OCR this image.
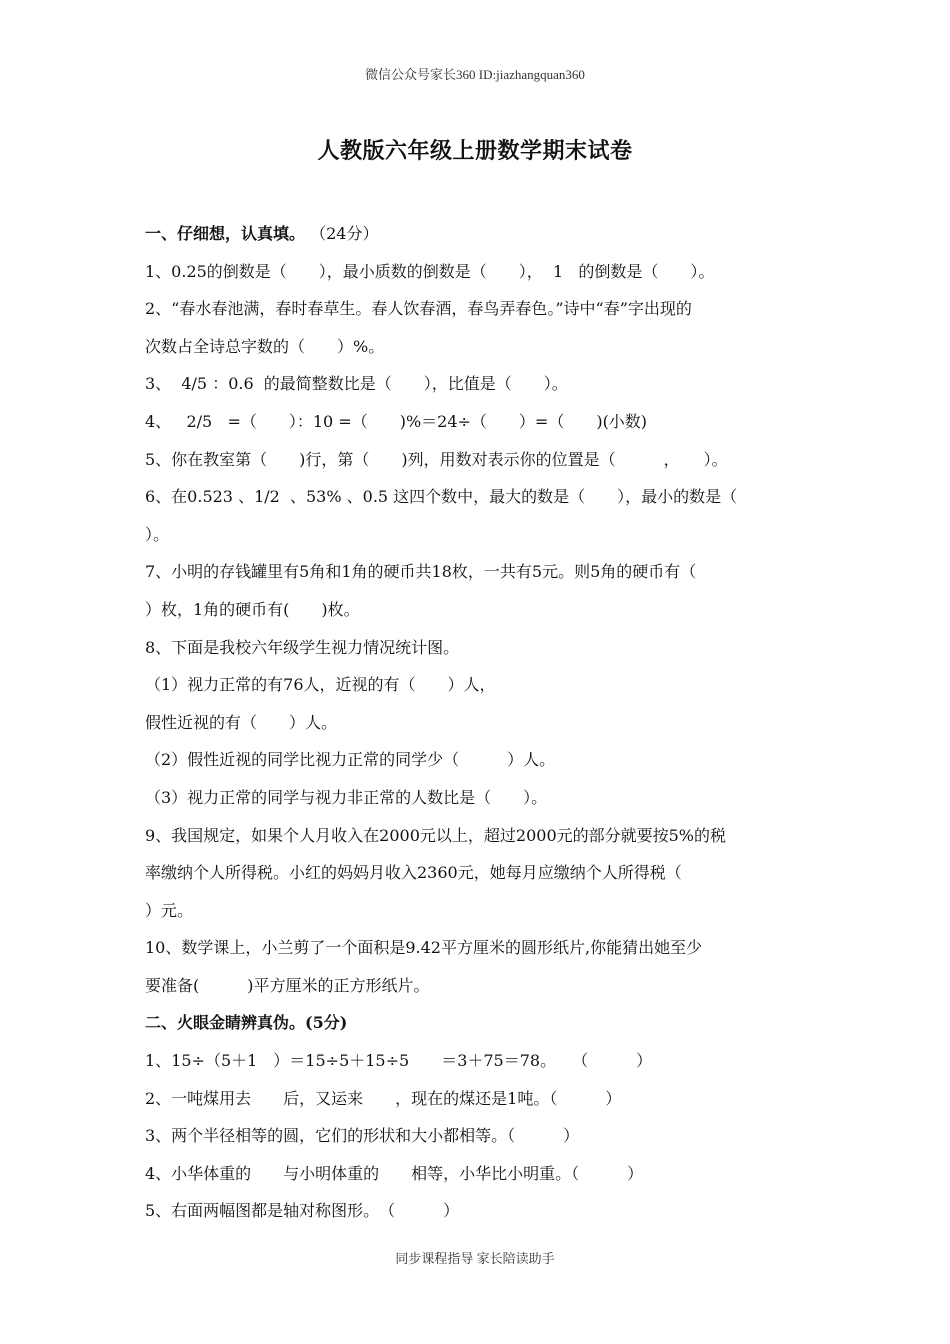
微信公众号家长360 ID:jiazhangquan360
人教版六年级上册数学期末试卷
一、仔细想，认真填。 （24分）
1、0.25的倒数是（　　），最小质数的倒数是（　　），  1   的倒数是（　　）。
2、“春水春池满，春时春草生。春人饮春酒，春鸟弄春色。”诗中“春”字出现的
次数占全诗总字数的（　　）%。
3、  4/5 ：0.6  的最简整数比是（　　），比值是（　　）。
4、   2/5   =（　　）：10 =（　　)%＝24÷（　　）=（　　)(小数)
5、你在教室第（　　)行，第（　　)列，用数对表示你的位置是（　　　，　　）。
6、在0.523 、1/2  、53% 、0.5 这四个数中，最大的数是（　　），最小的数是（
）。
7、小明的存钱罐里有5角和1角的硬币共18枚，一共有5元。则5角的硬币有（
）枚，1角的硬币有(　　)枚。
8、下面是我校六年级学生视力情况统计图。
（1）视力正常的有76人，近视的有（　　）人，
假性近视的有（　　）人。
（2）假性近视的同学比视力正常的同学少（　　　）人。
（3）视力正常的同学与视力非正常的人数比是（　　）。
9、我国规定，如果个人月收入在2000元以上，超过2000元的部分就要按5%的税
率缴纳个人所得税。小红的妈妈月收入2360元，她每月应缴纳个人所得税（
）元。
10、数学课上，小兰剪了一个面积是9.42平方厘米的圆形纸片,你能猜出她至少
要准备(　　　)平方厘米的正方形纸片。
二、火眼金睛辨真伪。(5分)
1、15÷（5＋1　）＝15÷5＋15÷5　　＝3＋75＝78。　　（　　　）
2、一吨煤用去　　后，又运来　　，现在的煤还是1吨。（　　　）
3、两个半径相等的圆，它们的形状和大小都相等。（　　　）
4、小华体重的　　与小明体重的　　相等，小华比小明重。（　　　）
5、右面两幅图都是轴对称图形。　（　　　）
同步课程指导 家长陪读助手
